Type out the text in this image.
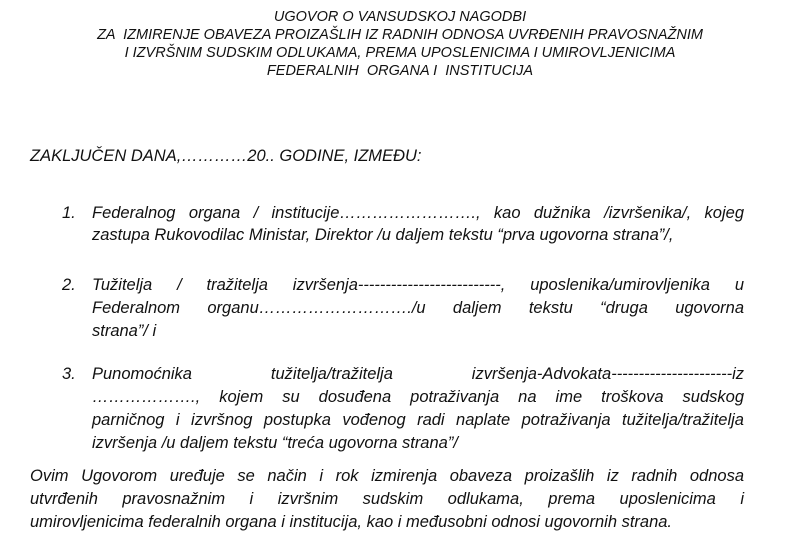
UGOVOR O VANSUDSKOJ NAGODBI
ZA  IZMIRENJE OBAVEZA PROIZAŠLIH IZ RADNIH ODNOSA UVRĐENIH PRAVOSNAŽNIM
I IZVRŠNIM SUDSKIM ODLUKAMA, PREMA UPOSLENICIMA I UMIROVLJENICIMA
FEDERALNIH  ORGANA I  INSTITUCIJA
ZAKLJUČEN DANA,…………20.. GODINE, IZMEĐU:
1. Federalnog organa / institucije……………………., kao dužnika /izvršenika/, kojeg
zastupa Rukovodilac Ministar, Direktor /u daljem tekstu “prva ugovorna strana”/,
2. Tužitelja / tražitelja izvršenja--------------------------, uposlenika/umirovljenika u
Federalnom organu………………………./u daljem tekstu “druga ugovorna
strana”/ i
3. Punomoćnika tužitelja/tražitelja izvršenja-Advokata----------------------iz
………………., kojem su dosuđena potraživanja na ime troškova sudskog
parničnog i izvršnog postupka vođenog radi naplate potraživanja tužitelja/tražitelja
izvršenja /u daljem tekstu “treća ugovorna strana”/
Ovim Ugovorom uređuje se način i rok izmirenja obaveza proizašlih iz radnih odnosa
utvrđenih pravosnažnim i izvršnim sudskim odlukama, prema uposlenicima i
umirovljenicima federalnih organa i institucija, kao i međusobni odnosi ugovornih strana.
